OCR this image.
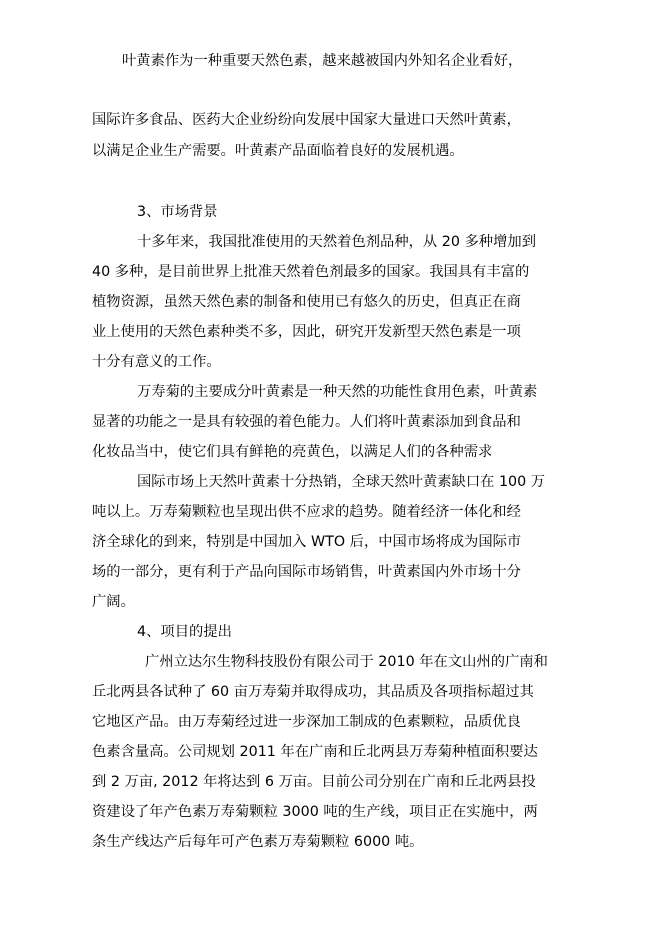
叶黄素作为一种重要天然色素，越来越被国内外知名企业看好，
国际许多食品、医药大企业纷纷向发展中国家大量进口天然叶黄素，
以满足企业生产需要。叶黄素产品面临着良好的发展机遇。
3、市场背景
十多年来，我国批准使用的天然着色剂品种，从 20 多种增加到
40 多种，是目前世界上批准天然着色剂最多的国家。我国具有丰富的
植物资源，虽然天然色素的制备和使用已有悠久的历史，但真正在商
业上使用的天然色素种类不多，因此，研究开发新型天然色素是一项
十分有意义的工作。
万寿菊的主要成分叶黄素是一种天然的功能性食用色素，叶黄素
显著的功能之一是具有较强的着色能力。人们将叶黄素添加到食品和
化妆品当中，使它们具有鲜艳的亮黄色，以满足人们的各种需求
国际市场上天然叶黄素十分热销，全球天然叶黄素缺口在 100 万
吨以上。万寿菊颗粒也呈现出供不应求的趋势。随着经济一体化和经
济全球化的到来，特别是中国加入 WTO 后，中国市场将成为国际市
场的一部分，更有利于产品向国际市场销售，叶黄素国内外市场十分
广阔。
4、项目的提出
广州立达尔生物科技股份有限公司于 2010 年在文山州的广南和
丘北两县各试种了 60 亩万寿菊并取得成功，其品质及各项指标超过其
它地区产品。由万寿菊经过进一步深加工制成的色素颗粒，品质优良
色素含量高。公司规划 2011 年在广南和丘北两县万寿菊种植面积要达
到 2 万亩, 2012 年将达到 6 万亩。目前公司分别在广南和丘北两县投
资建设了年产色素万寿菊颗粒 3000 吨的生产线，项目正在实施中，两
条生产线达产后每年可产色素万寿菊颗粒 6000 吨。
